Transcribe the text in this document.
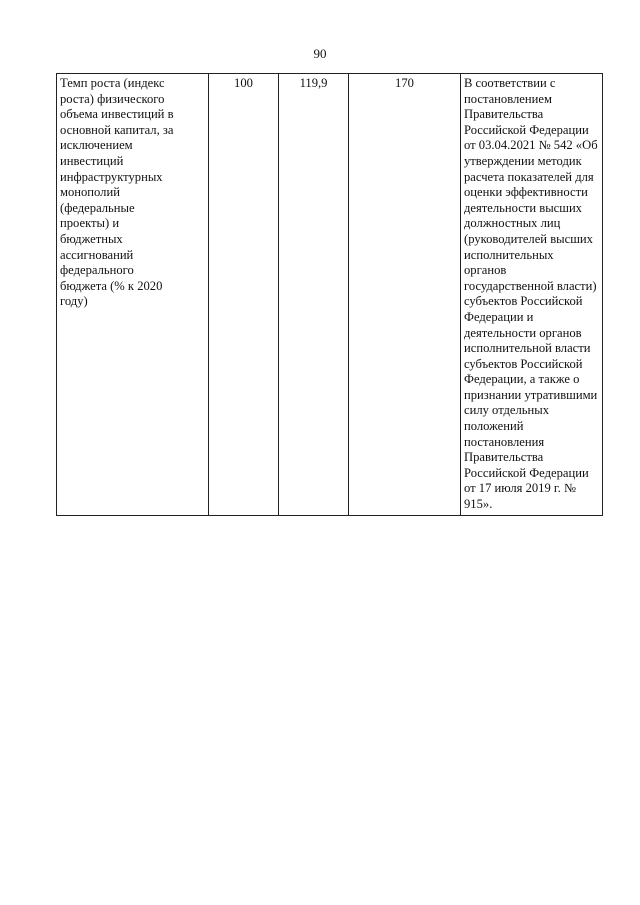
90
Темп роста (индекс
роста) физического
объема инвестиций в
основной капитал, за
исключением
инвестиций
инфраструктурных
монополий
(федеральные
проекты) и
бюджетных
ассигнований
федерального
бюджета (% к 2020
году)
	100	119,9	170	В соответствии с
постановлением
Правительства
Российской Федерации
от 03.04.2021 № 542 «Об
утверждении методик
расчета показателей для
оценки эффективности
деятельности высших
должностных лиц
(руководителей высших
исполнительных органов
государственной власти)
субъектов Российской
Федерации и
деятельности органов
исполнительной власти
субъектов Российской
Федерации, а также о
признании утратившими
силу отдельных
положений
постановления
Правительства
Российской Федерации
от 17 июля 2019 г. №
915».
